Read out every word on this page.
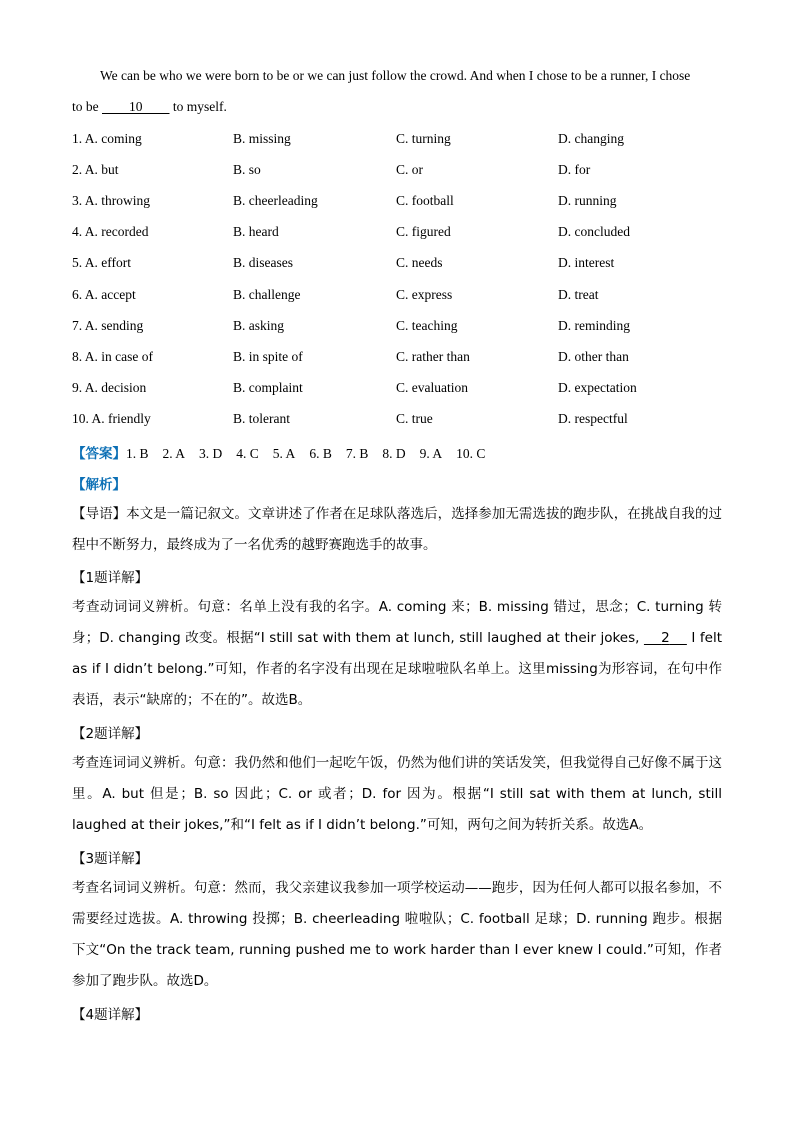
We can be who we were born to be or we can just follow the crowd. And when I chose to be a runner, I chose
to be         10         to myself.
1. A. coming	B. missing	C. turning	D. changing
2. A. but	B. so	C. or	D. for
3. A. throwing	B. cheerleading	C. football	D. running
4. A. recorded	B. heard	C. figured	D. concluded
5. A. effort	B. diseases	C. needs	D. interest
6. A. accept	B. challenge	C. express	D. treat
7. A. sending	B. asking	C. teaching	D. reminding
8. A. in case of	B. in spite of	C. rather than	D. other than
9. A. decision	B. complaint	C. evaluation	D. expectation
10. A. friendly	B. tolerant	C. true	D. respectful
【答案】1. B 2. A 3. D 4. C 5. A 6. B 7. B 8. D 9. A 10. C
【解析】
【导语】本文是一篇记叙文。文章讲述了作者在足球队落选后，选择参加无需选拔的跑步队，在挑战自我的过程中不断努力，最终成为了一名优秀的越野赛跑选手的故事。
【1题详解】
考查动词词义辨析。句意：名单上没有我的名字。A. coming 来；B. missing 错过，思念；C. turning 转身；D. changing 改变。根据“I still sat with them at lunch, still laughed at their jokes,     2     I felt as if I didn’t belong.”可知，作者的名字没有出现在足球啦啦队名单上。这里missing为形容词，在句中作表语，表示“缺席的；不在的”。故选B。
【2题详解】
考查连词词义辨析。句意：我仍然和他们一起吃午饭，仍然为他们讲的笑话发笑，但我觉得自己好像不属于这里。A. but 但是；B. so 因此；C. or 或者；D. for 因为。根据“I still sat with them at lunch, still laughed at their jokes,”和“I felt as if I didn’t belong.”可知，两句之间为转折关系。故选A。
【3题详解】
考查名词词义辨析。句意：然而，我父亲建议我参加一项学校运动——跑步，因为任何人都可以报名参加，不需要经过选拔。A. throwing 投掷；B. cheerleading 啦啦队；C. football 足球；D. running 跑步。根据下文“On the track team, running pushed me to work harder than I ever knew I could.”可知，作者参加了跑步队。故选D。
【4题详解】
